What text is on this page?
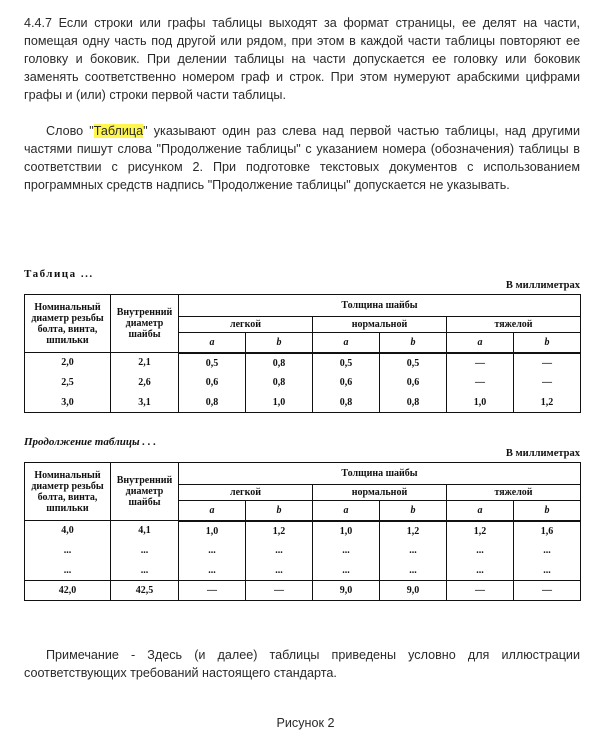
4.4.7 Если строки или графы таблицы выходят за формат страницы, ее делят на части, помещая одну часть под другой или рядом, при этом в каждой части таблицы повторяют ее головку и боковик. При делении таблицы на части допускается ее головку или боковик заменять соответственно номером граф и строк. При этом нумеруют арабскими цифрами графы и (или) строки первой части таблицы.

Слово "Таблица" указывают один раз слева над первой частью таблицы, над другими частями пишут слова "Продолжение таблицы" с указанием номера (обозначения) таблицы в соответствии с рисунком 2. При подготовке текстовых документов с использованием программных средств надпись "Продолжение таблицы" допускается не указывать.

Таблица ...
В миллиметрах
Номинальный диаметр резьбы болта, винта, шпильки	Внутренний диаметр шайбы	Толщина шайбы					
		легкой		нормальной		тяжелой	
		a	b	a	b	a	b
2,0	2,1	0,5	0,8	0,5	0,5	—	—
2,5	2,6	0,6	0,8	0,6	0,6	—	—
3,0	3,1	0,8	1,0	0,8	0,8	1,0	1,2
Продолжение таблицы . . .
В миллиметрах
Номинальный диаметр резьбы болта, винта, шпильки	Внутренний диаметр шайбы	Толщина шайбы					
		легкой		нормальной		тяжелой	
		a	b	a	b	a	b
4,0	4,1	1,0	1,2	1,0	1,2	1,2	1,6
...	...	...	...	...	...	...	...
...	...	...	...	...	...	...	...
42,0	42,5	—	—	9,0	9,0	—	—

Примечание - Здесь (и далее) таблицы приведены условно для иллюстрации соответствующих требований настоящего стандарта.

Рисунок 2
